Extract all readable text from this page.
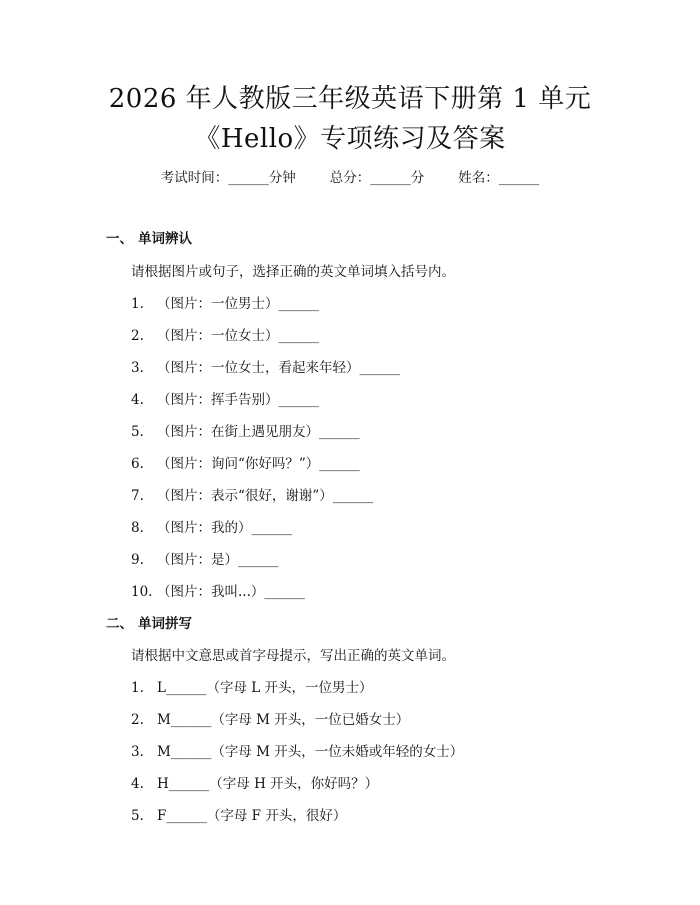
2026 年人教版三年级英语下册第 1 单元
《Hello》专项练习及答案
考试时间：______分钟	总分：______分	姓名：______
一、 单词辨认
请根据图片或句子，选择正确的英文单词填入括号内。
1. （图片：一位男士）______
2. （图片：一位女士）______
3. （图片：一位女士，看起来年轻）______
4. （图片：挥手告别）______
5. （图片：在街上遇见朋友）______
6. （图片：询问“你好吗？”）______
7. （图片：表示“很好，谢谢”）______
8. （图片：我的）______
9. （图片：是）______
10. （图片：我叫...）______
二、 单词拼写
请根据中文意思或首字母提示，写出正确的英文单词。
1. L______（字母 L 开头，一位男士）
2. M______（字母 M 开头，一位已婚女士）
3. M______（字母 M 开头，一位未婚或年轻的女士）
4. H______（字母 H 开头，你好吗？）
5. F______（字母 F 开头，很好）
